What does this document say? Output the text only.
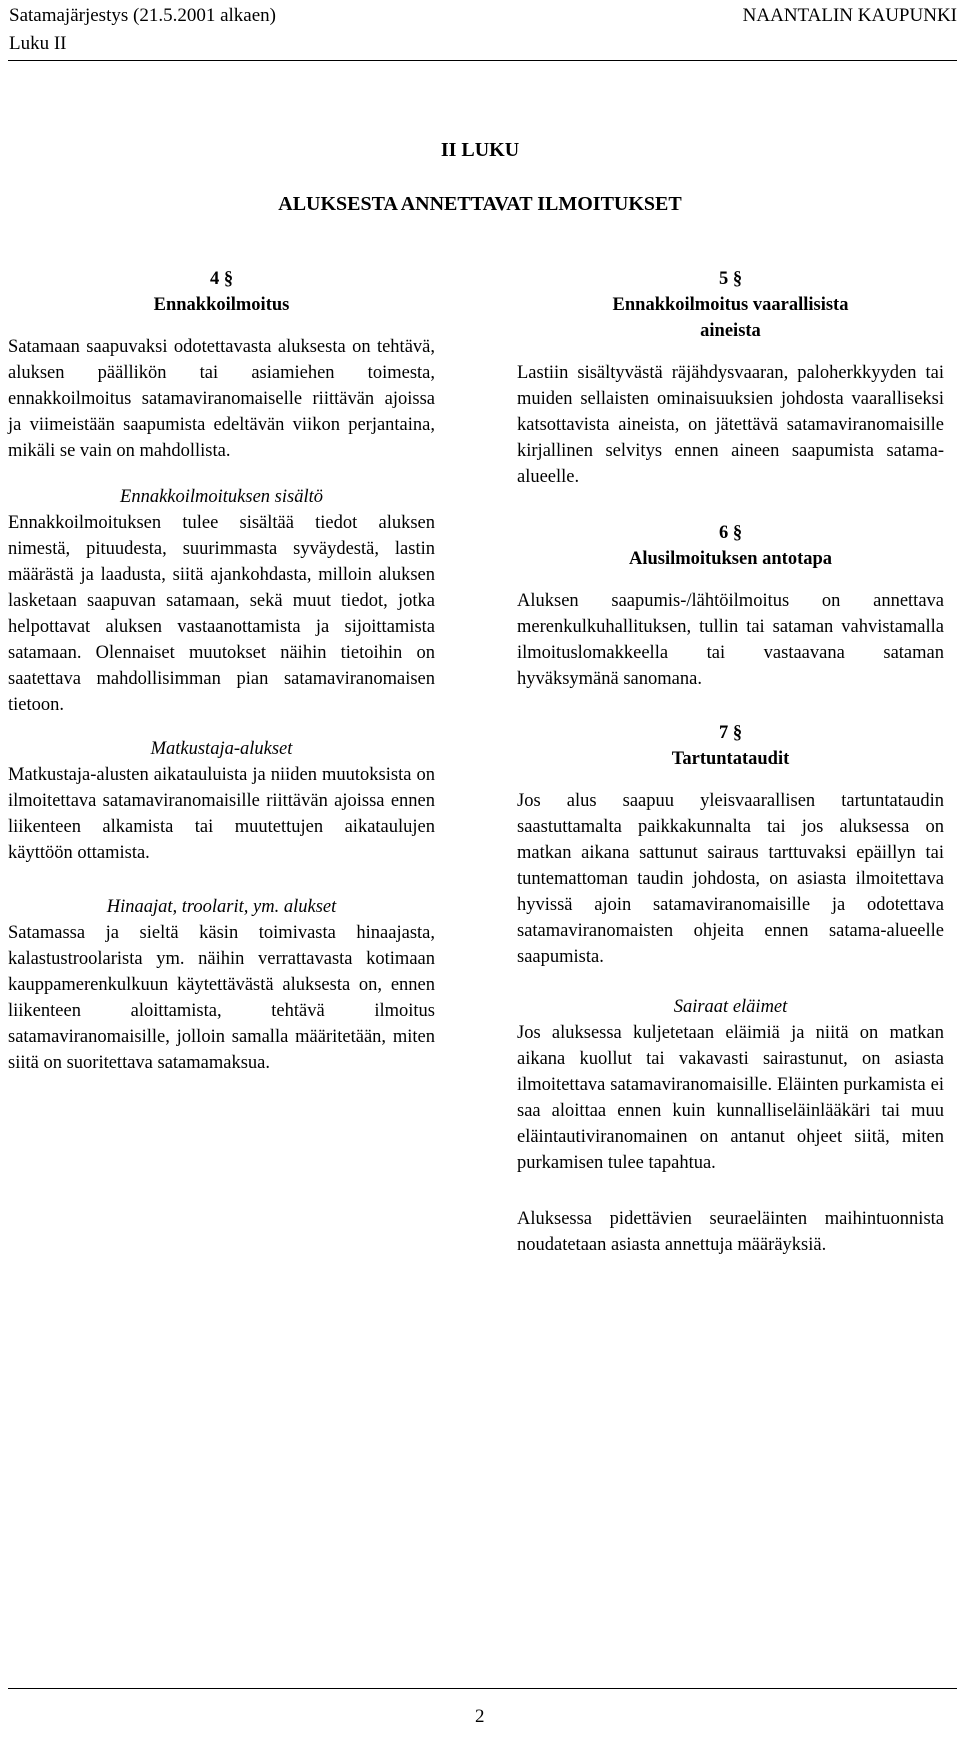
Satamajärjestys (21.5.2001 alkaen)
Luku II
NAANTALIN KAUPUNKI
II LUKU
ALUKSESTA ANNETTAVAT ILMOITUKSET
4 §
Ennakkoilmoitus

Satamaan saapuvaksi odotettavasta aluksesta on tehtävä, aluksen päällikön tai asiamiehen toimesta, ennakkoilmoitus satamaviranomaiselle riittävän ajoissa ja viimeistään saapumista edeltävän viikon perjantaina, mikäli se vain on mahdollista.

Ennakkoilmoituksen sisältö

Ennakkoilmoituksen tulee sisältää tiedot aluksen nimestä, pituudesta, suurimmasta syväydestä, lastin määrästä ja laadusta, siitä ajankohdasta, milloin aluksen lasketaan saapuvan satamaan, sekä muut tiedot, jotka helpottavat aluksen vastaanottamista ja sijoittamista satamaan. Olennaiset muutokset näihin tietoihin on saatettava mahdollisimman pian satamaviranomaisen tietoon.

Matkustaja-alukset

Matkustaja-alusten aikatauluista ja niiden muutoksista on ilmoitettava satamaviranomaisille riittävän ajoissa ennen liikenteen alkamista tai muutettujen aikataulujen käyttöön ottamista.

Hinaajat, troolarit, ym. alukset

Satamassa ja sieltä käsin toimivasta hinaajasta, kalastustroolarista ym. näihin verrattavasta kotimaan kauppamerenkulkuun käytettävästä aluksesta on, ennen liikenteen aloittamista, tehtävä ilmoitus satamaviranomaisille, jolloin samalla määritetään, miten siitä on suoritettava satamamaksua.

5 §
Ennakkoilmoitus vaarallisista
aineista

Lastiin sisältyvästä räjähdysvaaran, paloherkkyyden tai muiden sellaisten ominaisuuksien johdosta vaaralliseksi katsottavista aineista, on jätettävä satamaviranomaisille kirjallinen selvitys ennen aineen saapumista satama-alueelle.

6 §
Alusilmoituksen antotapa

Aluksen saapumis-/lähtöilmoitus on annettava merenkulkuhallituksen, tullin tai sataman vahvistamalla ilmoituslomakkeella tai vastaavana sataman hyväksymänä sanomana.

7 §
Tartuntataudit

Jos alus saapuu yleisvaarallisen tartuntataudin saastuttamalta paikkakunnalta tai jos aluksessa on matkan aikana sattunut sairaus tarttuvaksi epäillyn tai tuntemattoman taudin johdosta, on asiasta ilmoitettava hyvissä ajoin satamaviranomaisille ja odotettava satamaviranomaisten ohjeita ennen satama-alueelle saapumista.

Sairaat eläimet

Jos aluksessa kuljetetaan eläimiä ja niitä on matkan aikana kuollut tai vakavasti sairastunut, on asiasta ilmoitettava satamaviranomaisille. Eläinten purkamista ei saa aloittaa ennen kuin kunnalliseläinlääkäri tai muu eläintautiviranomainen on antanut ohjeet siitä, miten purkamisen tulee tapahtua.

Aluksessa pidettävien seuraeläinten maihintuonnista noudatetaan asiasta annettuja määräyksiä.

2
